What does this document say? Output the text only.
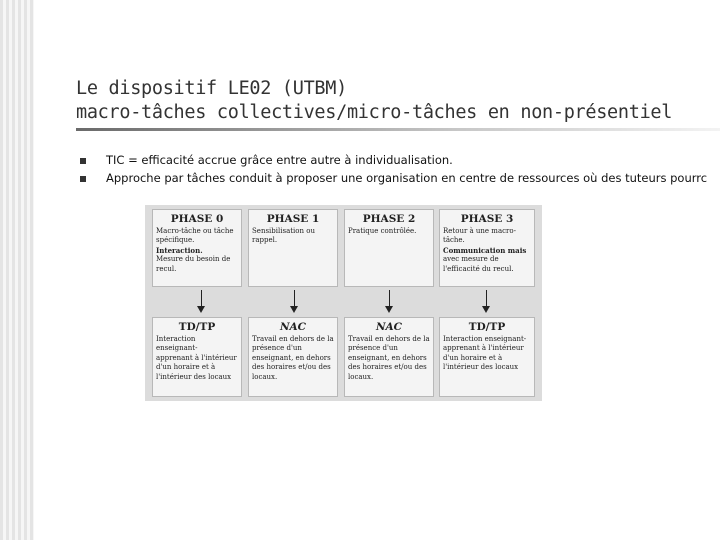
Le dispositif LE02 (UTBM)
macro-tâches collectives/micro-tâches en non-présentiel
TIC = efficacité accrue grâce entre autre à individualisation.
Approche par tâches conduit à proposer une organisation en centre de ressources où des tuteurs pourrc
PHASE 0
Macro-tâche ou tâche
spécifique.
Interaction.
Mesure du besoin de
recul.
PHASE 1
Sensibilisation ou
rappel.
PHASE 2
Pratique contrôlée.
PHASE 3
Retour à une macro-
tâche.
Communication mais
avec mesure de
l'efficacité du recul.
TD/TP
Interaction enseignant-
apprenant à l'intérieur
d'un horaire et à
l'intérieur des locaux
NAC
Travail en dehors de la
présence d'un
enseignant, en dehors
des horaires et/ou des
locaux.
NAC
Travail en dehors de la
présence d'un
enseignant, en dehors
des horaires et/ou des
locaux.
TD/TP
Interaction enseignant-
apprenant à l'intérieur
d'un horaire et à
l'intérieur des locaux
